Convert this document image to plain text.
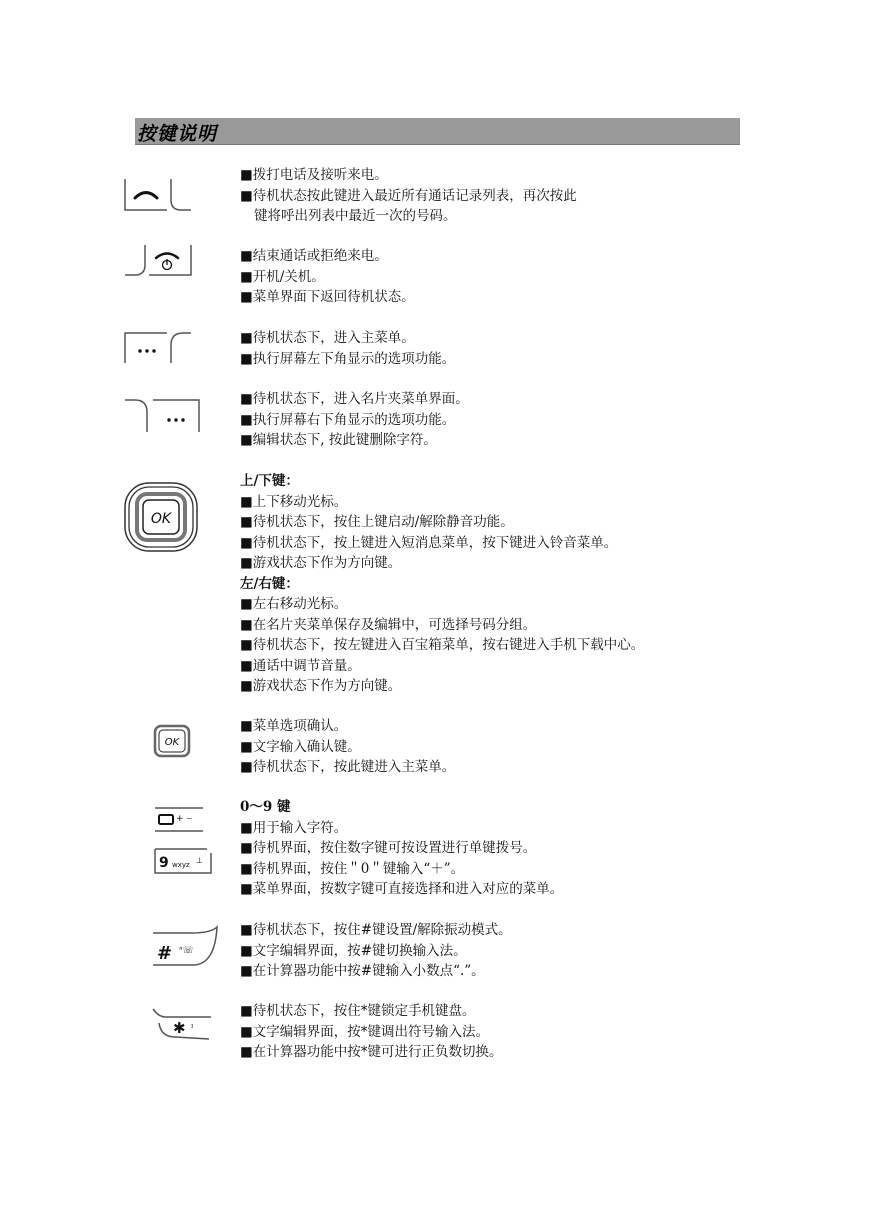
按键说明
OK
OK
+ ⌣
9 wxyz ⊥
# ᐢ☏
✱ ᶦ
■拨打电话及接听来电。
■待机状态按此键进入最近所有通话记录列表，再次按此
键将呼出列表中最近一次的号码。
■结束通话或拒绝来电。
■开机/关机。
■菜单界面下返回待机状态。
■待机状态下，进入主菜单。
■执行屏幕左下角显示的选项功能。
■待机状态下，进入名片夹菜单界面。
■执行屏幕右下角显示的选项功能。
■编辑状态下, 按此键删除字符。
上/下键：
■上下移动光标。
■待机状态下，按住上键启动/解除静音功能。
■待机状态下，按上键进入短消息菜单，按下键进入铃音菜单。
■游戏状态下作为方向键。
左/右键：
■左右移动光标。
■在名片夹菜单保存及编辑中，可选择号码分组。
■待机状态下，按左键进入百宝箱菜单，按右键进入手机下载中心。
■通话中调节音量。
■游戏状态下作为方向键。
■菜单选项确认。
■文字输入确认键。
■待机状态下，按此键进入主菜单。
0～9 键
■用于输入字符。
■待机界面，按住数字键可按设置进行单键拨号。
■待机界面，按住＂0＂键输入“＋”。
■菜单界面，按数字键可直接选择和进入对应的菜单。
■待机状态下，按住#键设置/解除振动模式。
■文字编辑界面，按#键切换输入法。
■在计算器功能中按#键输入小数点“.”。
■待机状态下，按住*键锁定手机键盘。
■文字编辑界面，按*键调出符号输入法。
■在计算器功能中按*键可进行正负数切换。
